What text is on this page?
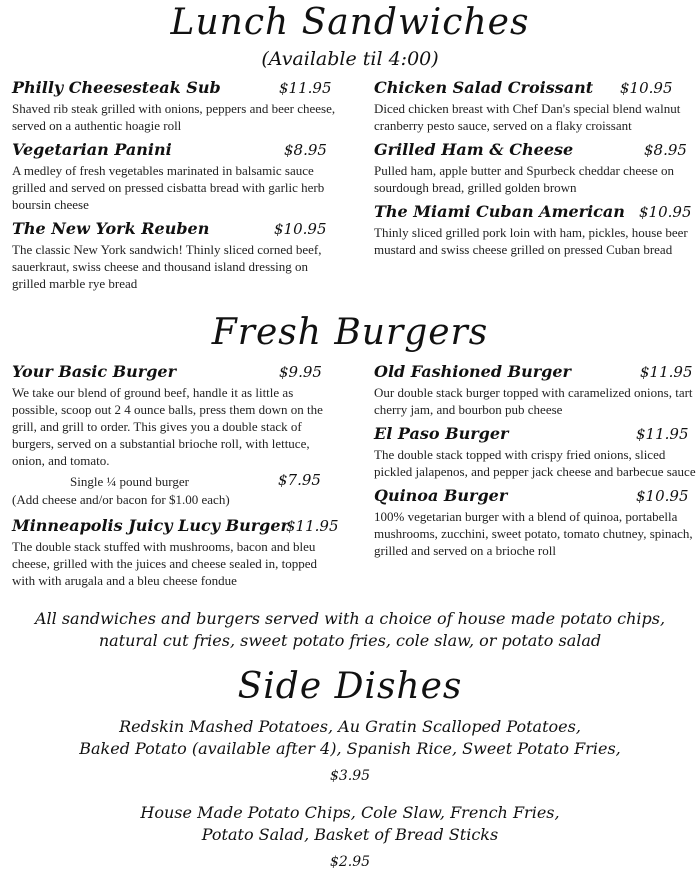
Lunch Sandwiches
(Available til 4:00)
Philly Cheesesteak Sub	$11.95

Shaved rib steak grilled with onions, peppers and beer cheese, served on a authentic hoagie roll

Vegetarian Panini	$8.95

A medley of fresh vegetables marinated in balsamic sauce grilled and served on pressed cisbatta bread with garlic herb boursin cheese

The New York Reuben	$10.95

The classic New York sandwich! Thinly sliced corned beef, sauerkraut, swiss cheese and thousand island dressing on grilled marble rye bread

Chicken Salad Croissant $10.95

Diced chicken breast with Chef Dan's special blend walnut cranberry pesto sauce, served on a flaky croissant

Grilled Ham & Cheese	$8.95

Pulled ham, apple butter and Spurbeck cheddar cheese on sourdough bread, grilled golden brown

The Miami Cuban American $10.95

Thinly sliced grilled pork loin with ham, pickles, house beer mustard and swiss cheese grilled on pressed Cuban bread

Fresh Burgers
Your Basic Burger	$9.95

We take our blend of ground beef, handle it as little as possible, scoop out 2 4 ounce balls, press them down on the grill, and grill to order. This gives you a double stack of burgers, served on a substantial brioche roll, with lettuce, onion, and tomato.

Single ¼ pound burger	$7.95

(Add cheese and/or bacon for $1.00 each)

Minneapolis Juicy Lucy Burger
$11.95

The double stack stuffed with mushrooms, bacon and bleu cheese, grilled with the juices and cheese sealed in, topped with with arugala and a bleu cheese fondue

Old Fashioned Burger	$11.95

Our double stack burger topped with caramelized onions, tart cherry jam, and bourbon pub cheese

El Paso Burger	$11.95

The double stack topped with crispy fried onions, sliced pickled jalapenos, and pepper jack cheese and barbecue sauce

Quinoa Burger	$10.95

100% vegetarian burger with a blend of quinoa, portabella mushrooms, zucchini, sweet potato, tomato chutney, spinach, grilled and served on a brioche roll

All sandwiches and burgers served with a choice of house made potato chips,
natural cut fries, sweet potato fries, cole slaw, or potato salad
Side Dishes
Redskin Mashed Potatoes, Au Gratin Scalloped Potatoes,
Baked Potato (available after 4), Spanish Rice, Sweet Potato Fries,
$3.95
House Made Potato Chips, Cole Slaw, French Fries,
Potato Salad, Basket of Bread Sticks
$2.95
